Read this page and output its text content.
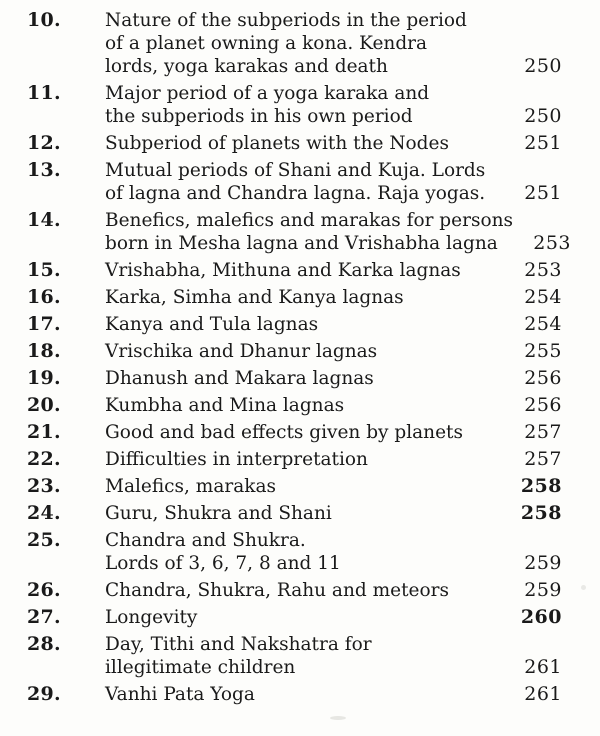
10.	Nature of the subperiods in the period
of a planet owning a kona. Kendra
lords, yoga karakas and death	250
11.	Major period of a yoga karaka and
the subperiods in his own period	250
12.	Subperiod of planets with the Nodes	251
13.	Mutual periods of Shani and Kuja. Lords
of lagna and Chandra lagna. Raja yogas.	251
14.	Benefics, malefics and marakas for persons
born in Mesha lagna and Vrishabha lagna	253
15.	Vrishabha, Mithuna and Karka lagnas	253
16.	Karka, Simha and Kanya lagnas	254
17.	Kanya and Tula lagnas	254
18.	Vrischika and Dhanur lagnas	255
19.	Dhanush and Makara lagnas	256
20.	Kumbha and Mina lagnas	256
21.	Good and bad effects given by planets	257
22.	Difficulties in interpretation	257
23.	Malefics, marakas	258
24.	Guru, Shukra and Shani	258
25.	Chandra and Shukra.
Lords of 3, 6, 7, 8 and 11	259
26.	Chandra, Shukra, Rahu and meteors	259
27.	Longevity	260
28.	Day, Tithi and Nakshatra for
illegitimate children	261
29.	Vanhi Pata Yoga	261
